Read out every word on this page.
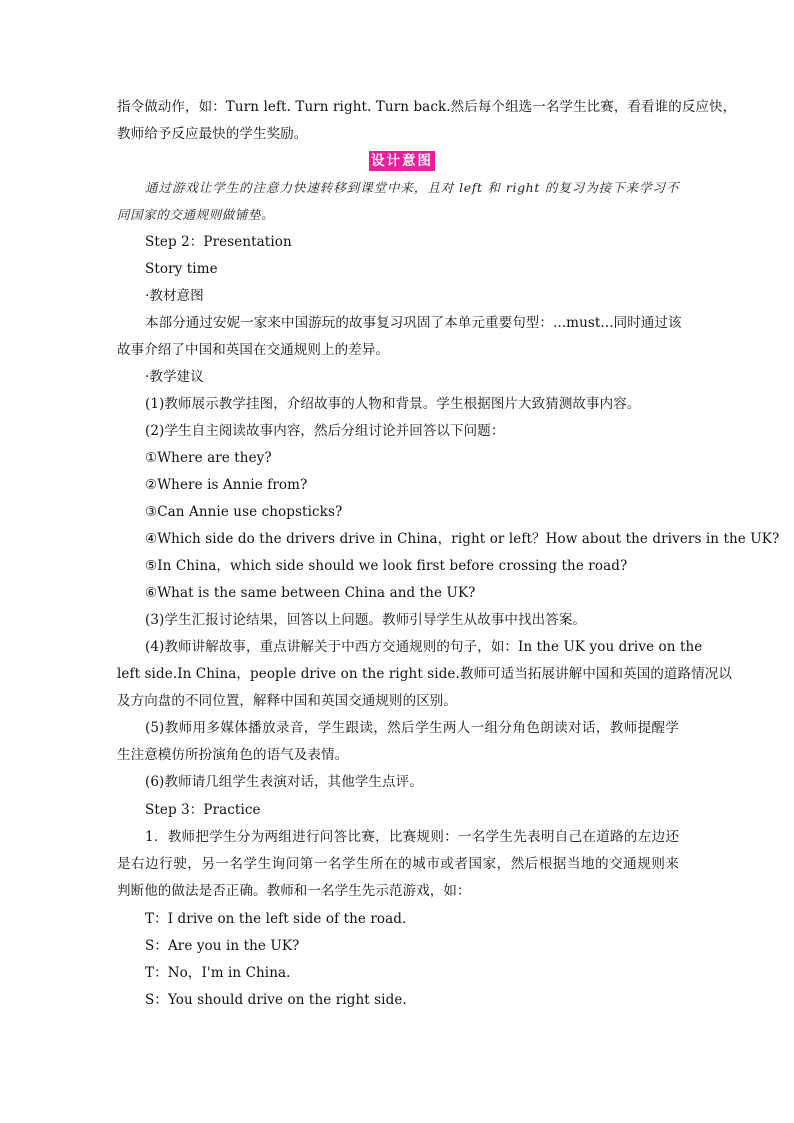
指令做动作，如：Turn left. Turn right. Turn back.然后每个组选一名学生比赛，看看谁的反应快，
教师给予反应最快的学生奖励。
设计意图
通过游戏让学生的注意力快速转移到课堂中来，且对 left 和 right 的复习为接下来学习不
同国家的交通规则做铺垫。
Step 2：Presentation
Story time
·教材意图
本部分通过安妮一家来中国游玩的故事复习巩固了本单元重要句型：...must...同时通过该
故事介绍了中国和英国在交通规则上的差异。
·教学建议
(1)教师展示教学挂图，介绍故事的人物和背景。学生根据图片大致猜测故事内容。
(2)学生自主阅读故事内容，然后分组讨论并回答以下问题：
①Where are they?
②Where is Annie from?
③Can Annie use chopsticks?
④Which side do the drivers drive in China，right or left？How about the drivers in the UK?
⑤In China，which side should we look first before crossing the road?
⑥What is the same between China and the UK?
(3)学生汇报讨论结果，回答以上问题。教师引导学生从故事中找出答案。
(4)教师讲解故事，重点讲解关于中西方交通规则的句子，如：In the UK you drive on the
left side.In China，people drive on the right side.教师可适当拓展讲解中国和英国的道路情况以
及方向盘的不同位置，解释中国和英国交通规则的区别。
(5)教师用多媒体播放录音，学生跟读，然后学生两人一组分角色朗读对话，教师提醒学
生注意模仿所扮演角色的语气及表情。
(6)教师请几组学生表演对话，其他学生点评。
Step 3：Practice
1．教师把学生分为两组进行问答比赛，比赛规则：一名学生先表明自己在道路的左边还
是右边行驶，另一名学生询问第一名学生所在的城市或者国家，然后根据当地的交通规则来
判断他的做法是否正确。教师和一名学生先示范游戏，如：
T：I drive on the left side of the road.
S：Are you in the UK?
T：No，I'm in China.
S：You should drive on the right side.
